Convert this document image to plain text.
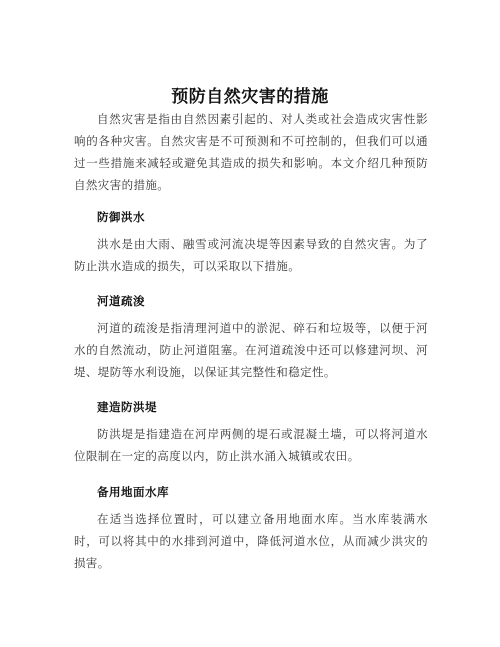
预防自然灾害的措施

自然灾害是指由自然因素引起的、对人类或社会造成灾害性影响的各种灾害。自然灾害是不可预测和不可控制的，但我们可以通过一些措施来减轻或避免其造成的损失和影响。本文介绍几种预防自然灾害的措施。

防御洪水

洪水是由大雨、融雪或河流决堤等因素导致的自然灾害。为了防止洪水造成的损失，可以采取以下措施。

河道疏浚

河道的疏浚是指清理河道中的淤泥、碎石和垃圾等，以便于河水的自然流动，防止河道阻塞。在河道疏浚中还可以修建河坝、河堤、堤防等水利设施，以保证其完整性和稳定性。

建造防洪堤

防洪堤是指建造在河岸两侧的堤石或混凝土墙，可以将河道水位限制在一定的高度以内，防止洪水涌入城镇或农田。

备用地面水库

在适当选择位置时，可以建立备用地面水库。当水库装满水时，可以将其中的水排到河道中，降低河道水位，从而减少洪灾的损害。
